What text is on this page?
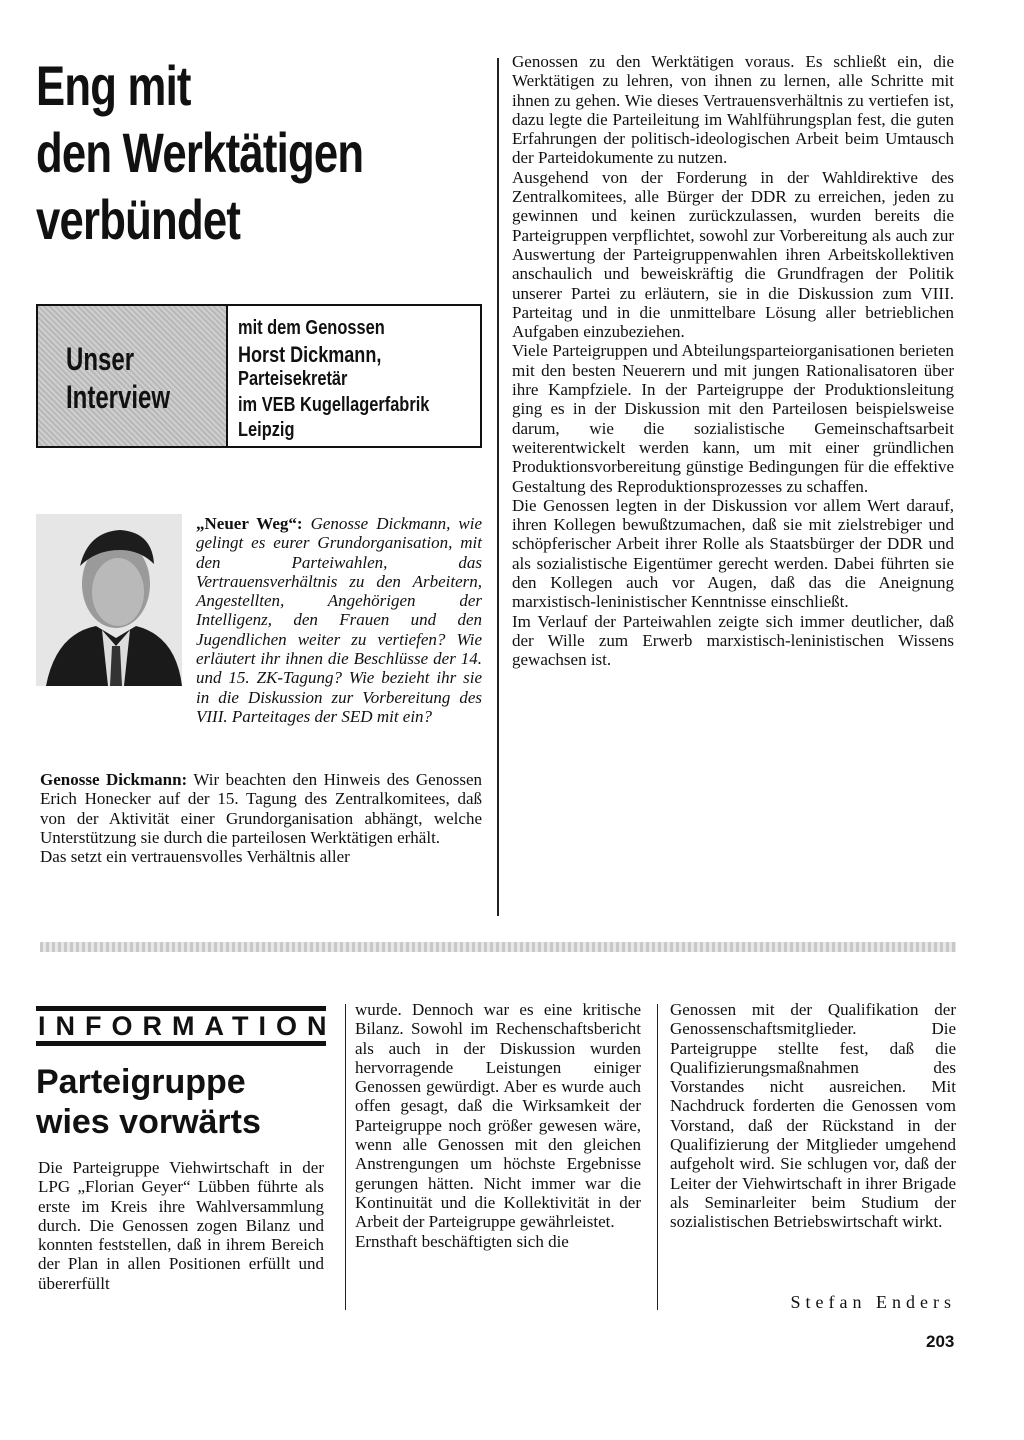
Eng mit
den Werktätigen
verbündet
Unser
Interview
mit dem Genossen
Horst Dickmann,
Parteisekretär
im VEB Kugellagerfabrik
Leipzig

„Neuer Weg“: Genosse Dickmann, wie gelingt es eurer Grundorganisation, mit den Parteiwahlen, das Vertrauensverhältnis zu den Arbeitern, Angestellten, Angehörigen der Intelligenz, den Frauen und den Jugendlichen weiter zu vertiefen? Wie erläutert ihr ihnen die Beschlüsse der 14. und 15. ZK-Tagung? Wie bezieht ihr sie in die Diskussion zur Vorbereitung des VIII. Parteitages der SED mit ein?

Genosse Dickmann: Wir beachten den Hinweis des Genossen Erich Honecker auf der 15. Tagung des Zentralkomitees, daß von der Aktivität einer Grundorganisation abhängt, welche Unterstützung sie durch die parteilosen Werktätigen erhält.

Das setzt ein vertrauensvolles Verhältnis aller

Genossen zu den Werktätigen voraus. Es schließt ein, die Werktätigen zu lehren, von ihnen zu lernen, alle Schritte mit ihnen zu gehen. Wie dieses Vertrauensverhältnis zu vertiefen ist, dazu legte die Parteileitung im Wahlführungsplan fest, die guten Erfahrungen der politisch-ideologischen Arbeit beim Umtausch der Parteidokumente zu nutzen.
Ausgehend von der Forderung in der Wahldirektive des Zentralkomitees, alle Bürger der DDR zu erreichen, jeden zu gewinnen und keinen zurückzulassen, wurden bereits die Parteigruppen verpflichtet, sowohl zur Vorbereitung als auch zur Auswertung der Parteigruppenwahlen ihren Arbeitskollektiven anschaulich und beweiskräftig die Grundfragen der Politik unserer Partei zu erläutern, sie in die Diskussion zum VIII. Parteitag und in die unmittelbare Lösung aller betrieblichen Aufgaben einzubeziehen.
Viele Parteigruppen und Abteilungsparteiorganisationen berieten mit den besten Neuerern und mit jungen Rationalisatoren über ihre Kampfziele. In der Parteigruppe der Produktionsleitung ging es in der Diskussion mit den Parteilosen beispielsweise darum, wie die sozialistische Gemeinschaftsarbeit weiterentwickelt werden kann, um mit einer gründlichen Produktionsvorbereitung günstige Bedingungen für die effektive Gestaltung des Reproduktionsprozesses zu schaffen.
Die Genossen legten in der Diskussion vor allem Wert darauf, ihren Kollegen bewußtzumachen, daß sie mit zielstrebiger und schöpferischer Arbeit ihrer Rolle als Staatsbürger der DDR und als sozialistische Eigentümer gerecht werden. Dabei führten sie den Kollegen auch vor Augen, daß das die Aneignung marxistisch-leninistischer Kenntnisse einschließt.
Im Verlauf der Parteiwahlen zeigte sich immer deutlicher, daß der Wille zum Erwerb marxistisch-leninistischen Wissens gewachsen ist.
INFORMATION
Parteigruppe
wies vorwärts
Die Parteigruppe Viehwirtschaft in der LPG „Florian Geyer“ Lübben führte als erste im Kreis ihre Wahlversammlung durch. Die Genossen zogen Bilanz und konnten feststellen, daß in ihrem Bereich der Plan in allen Positionen erfüllt und übererfüllt
wurde. Dennoch war es eine kritische Bilanz. Sowohl im Rechenschaftsbericht als auch in der Diskussion wurden hervorragende Leistungen einiger Genossen gewürdigt. Aber es wurde auch offen gesagt, daß die Wirksamkeit der Parteigruppe noch größer gewesen wäre, wenn alle Genossen mit den gleichen Anstrengungen um höchste Ergebnisse gerungen hätten. Nicht immer war die Kontinuität und die Kollektivität in der Arbeit der Parteigruppe gewährleistet.

Ernsthaft beschäftigten sich die

Genossen mit der Qualifikation der Genossenschaftsmitglieder. Die Parteigruppe stellte fest, daß die Qualifizierungsmaßnahmen des Vorstandes nicht ausreichen. Mit Nachdruck forderten die Genossen vom Vorstand, daß der Rückstand in der Qualifizierung der Mitglieder umgehend aufgeholt wird. Sie schlugen vor, daß der Leiter der Viehwirtschaft in ihrer Brigade als Seminarleiter beim Studium der sozialistischen Betriebswirtschaft wirkt.
Stefan Enders
203
